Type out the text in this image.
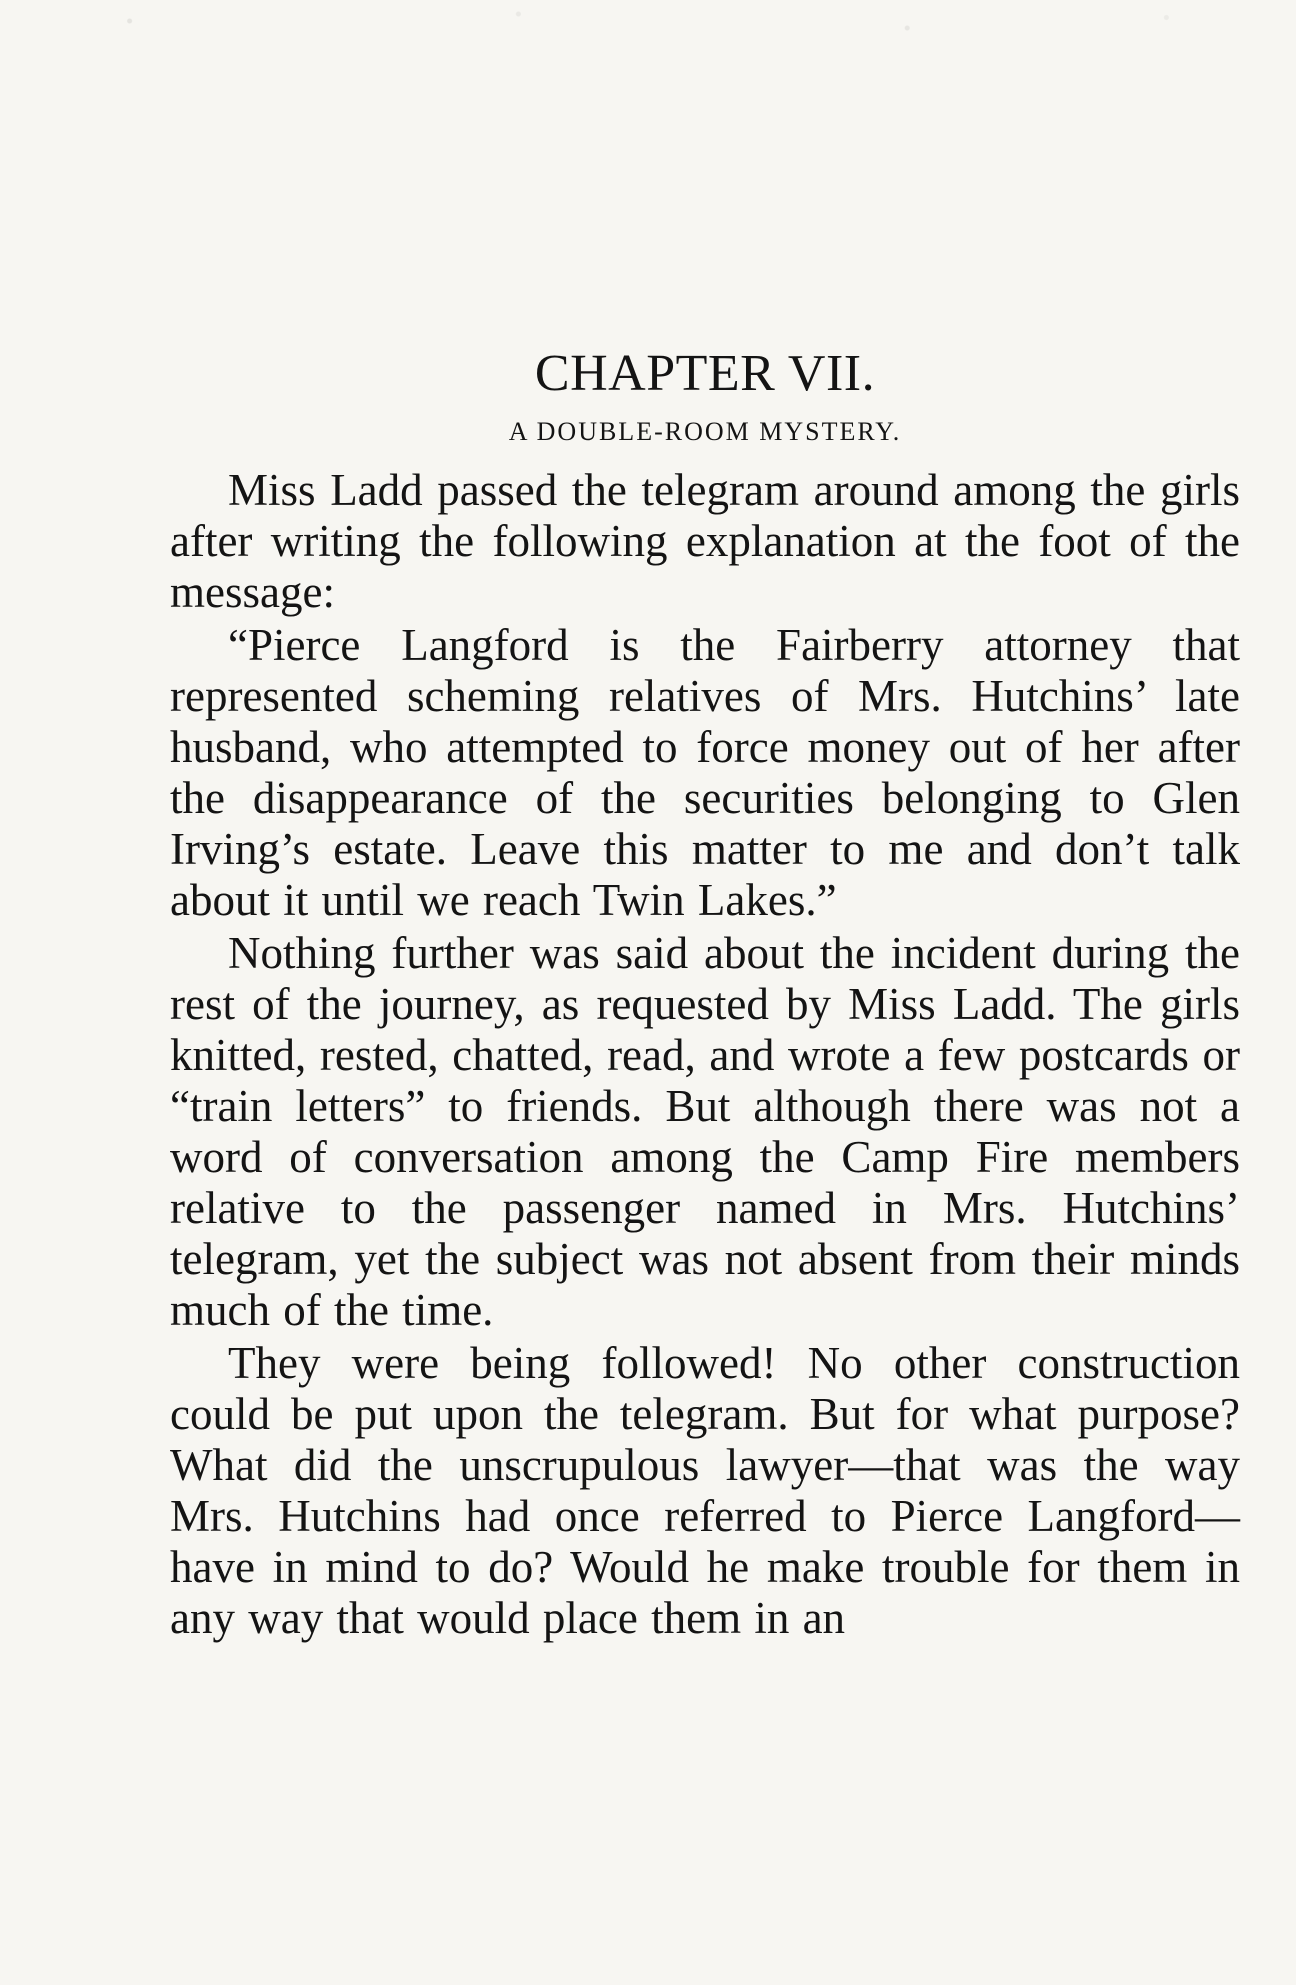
CHAPTER VII.
A DOUBLE-ROOM MYSTERY.

Miss Ladd passed the telegram around among the girls after writing the following explanation at the foot of the message:

“Pierce Langford is the Fairberry attorney that represented scheming relatives of Mrs. Hutchins’ late husband, who attempted to force money out of her after the disappearance of the securities belonging to Glen Irving’s estate. Leave this matter to me and don’t talk about it until we reach Twin Lakes.”

Nothing further was said about the incident during the rest of the journey, as requested by Miss Ladd. The girls knitted, rested, chatted, read, and wrote a few postcards or “train letters” to friends. But although there was not a word of conversation among the Camp Fire members relative to the passenger named in Mrs. Hutchins’ telegram, yet the subject was not absent from their minds much of the time.

They were being followed! No other construction could be put upon the telegram. But for what purpose? What did the unscrupulous lawyer—that was the way Mrs. Hutchins had once referred to Pierce Langford—have in mind to do? Would he make trouble for them in any way that would place them in an
